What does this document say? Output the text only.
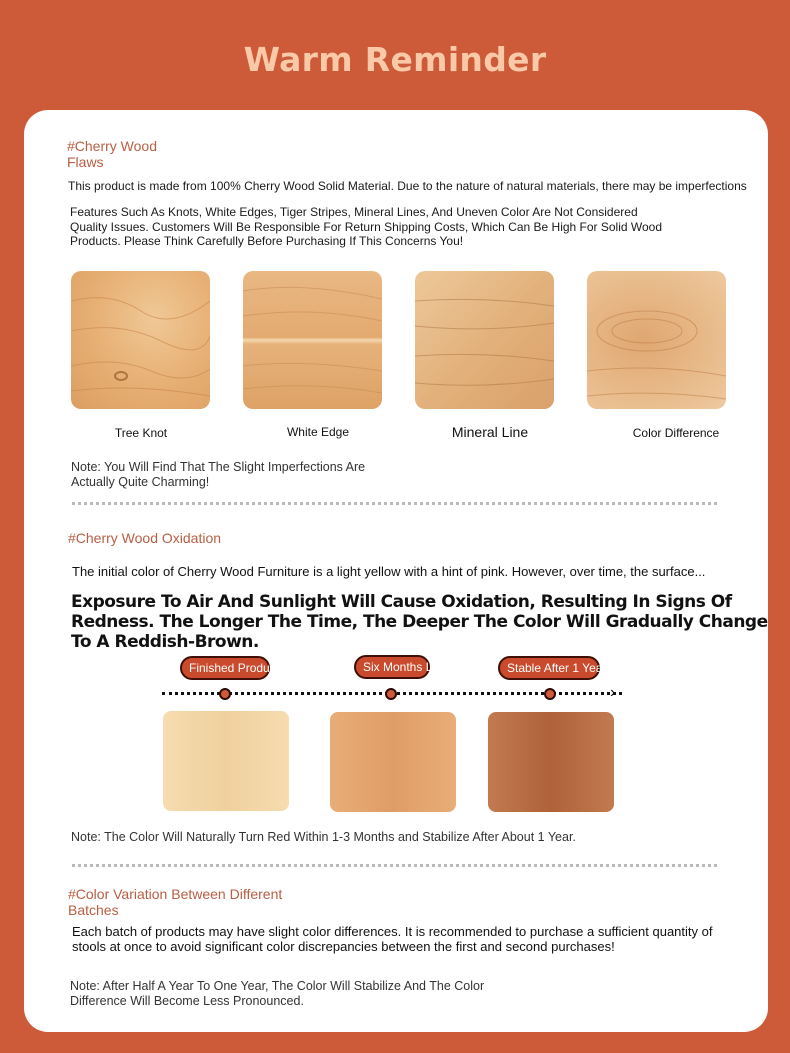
Warm Reminder
#Cherry Wood Flaws
This product is made from 100% Cherry Wood Solid Material. Due to the nature of natural materials, there may be imperfections
Features Such As Knots, White Edges, Tiger Stripes, Mineral Lines, And Uneven Color Are Not Considered Quality Issues. Customers Will Be Responsible For Return Shipping Costs, Which Can Be High For Solid Wood Products. Please Think Carefully Before Purchasing If This Concerns You!
Tree Knot	White Edge	Mineral Line	Color Difference
Note: You Will Find That The Slight Imperfections Are Actually Quite Charming!
#Cherry Wood Oxidation
The initial color of Cherry Wood Furniture is a light yellow with a hint of pink. However, over time, the surface...
Exposure To Air And Sunlight Will Cause Oxidation, Resulting In Signs Of Redness. The Longer The Time, The Deeper The Color Will Gradually Change To A Reddish-Brown.
Finished Product Outbound	Six Months Later	Stable After 1 Year
›
Note: The Color Will Naturally Turn Red Within 1-3 Months and Stabilize After About 1 Year.
#Color Variation Between Different Batches
Each batch of products may have slight color differences. It is recommended to purchase a sufficient quantity of stools at once to avoid significant color discrepancies between the first and second purchases!
Note: After Half A Year To One Year, The Color Will Stabilize And The Color Difference Will Become Less Pronounced.
